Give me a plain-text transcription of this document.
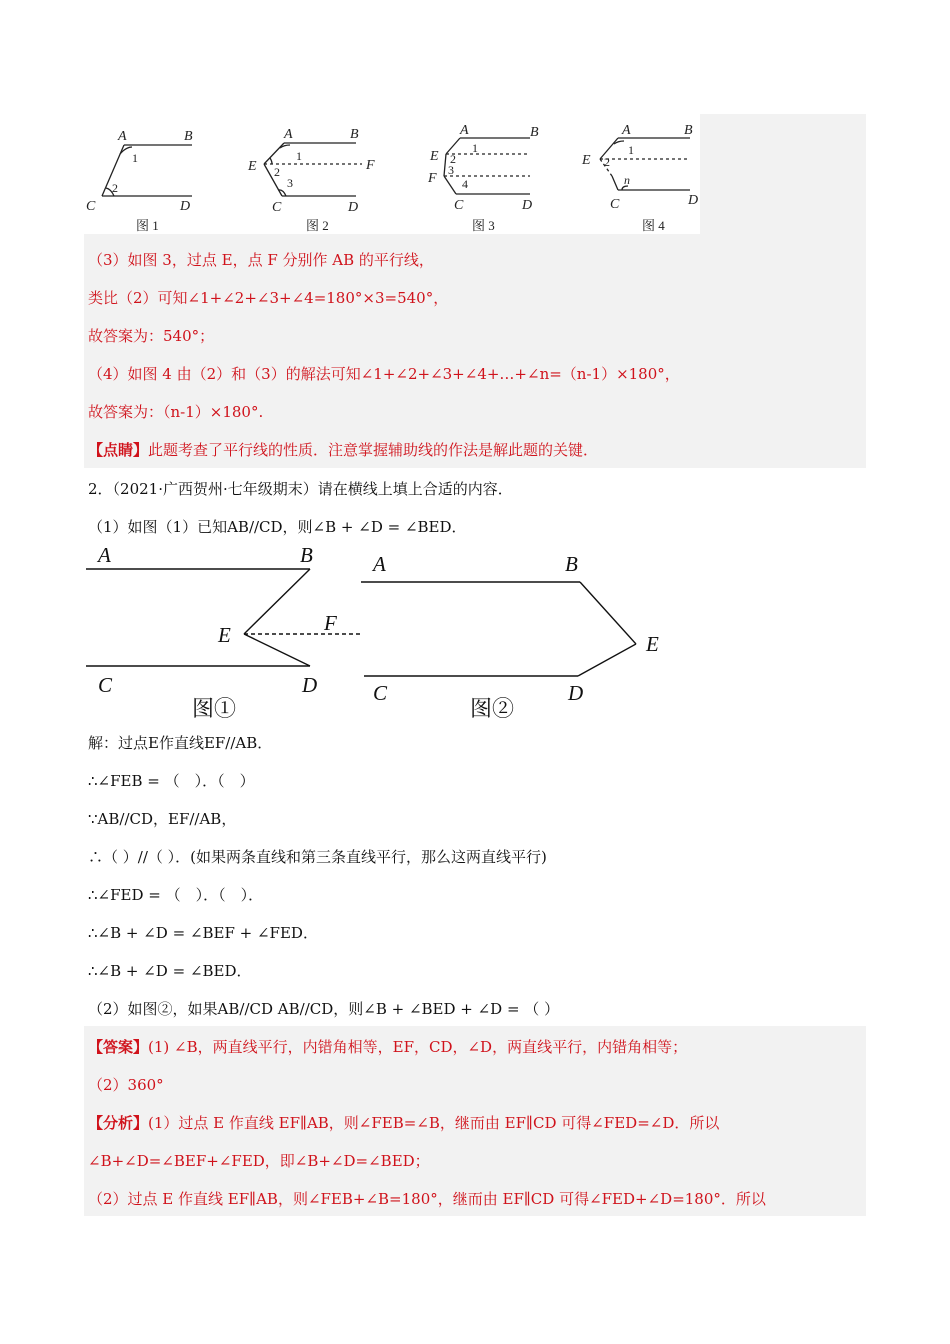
A	B
C	D
1
2
图 1
A	B
E	F
C	D
1
2
3
图 2
A	B
E
F
C	D
1
2
3
4
图 3
A	B
E
C	D
1
2
n
图 4
（3）如图 3，过点 E，点 F 分别作 AB 的平行线，
类比（2）可知∠1+∠2+∠3+∠4=180°×3=540°，
故答案为：540°；
（4）如图 4 由（2）和（3）的解法可知∠1+∠2+∠3+∠4+…+∠n=（n-1）×180°，
故答案为：（n-1）×180°.
【点睛】此题考查了平行线的性质．注意掌握辅助线的作法是解此题的关键．
2．（2021·广西贺州·七年级期末）请在横线上填上合适的内容．
（1）如图（1）已知AB//CD，则∠B + ∠D = ∠BED．
A	B
E	F
C	D
图①
A	B
E
C	D
图②
解：过点E作直线EF//AB．
∴∠FEB = （　）．（　）
∵AB//CD，EF//AB，
∴（ ）//（ ）．(如果两条直线和第三条直线平行，那么这两直线平行)
∴∠FED = （　）．（　）．
∴∠B + ∠D = ∠BEF + ∠FED．
∴∠B + ∠D = ∠BED．
（2）如图②，如果AB//CD AB//CD，则∠B + ∠BED + ∠D = （ ）
【答案】(1) ∠B，两直线平行，内错角相等，EF，CD，∠D，两直线平行，内错角相等；
（2）360°
【分析】(1）过点 E 作直线 EF∥AB，则∠FEB=∠B，继而由 EF∥CD 可得∠FED=∠D．所以
∠B+∠D=∠BEF+∠FED，即∠B+∠D=∠BED；
（2）过点 E 作直线 EF∥AB，则∠FEB+∠B=180°，继而由 EF∥CD 可得∠FED+∠D=180°．所以
